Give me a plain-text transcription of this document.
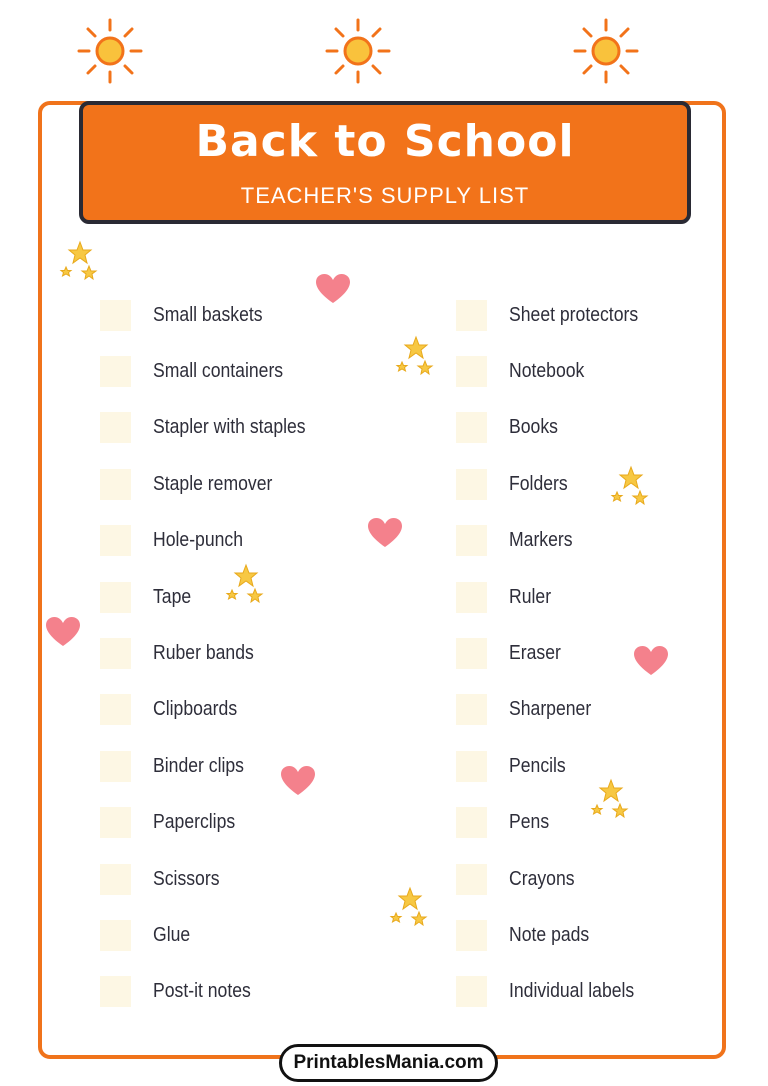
Back to School
TEACHER'S SUPPLY LIST
Small baskets
Small containers
Stapler with staples
Staple remover
Hole-punch
Tape
Ruber bands
Clipboards
Binder clips
Paperclips
Scissors
Glue
Post-it notes
Sheet protectors
Notebook
Books
Folders
Markers
Ruler
Eraser
Sharpener
Pencils
Pens
Crayons
Note pads
Individual labels
PrintablesMania.com
